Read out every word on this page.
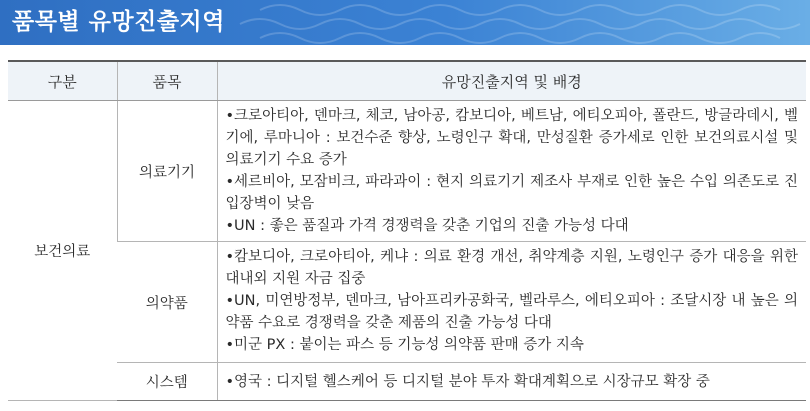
품목별 유망진출지역
구분	품목	유망진출지역 및 배경
보건의료	의료기기	•크로아티아, 덴마크, 체코, 남아공, 캄보디아, 베트남, 에티오피아, 폴란드, 방글라데시, 벨기에, 루마니아 : 보건수준 향상, 노령인구 확대, 만성질환 증가세로 인한 보건의료시설 및 의료기기 수요 증가
•세르비아, 모잠비크, 파라과이 : 현지 의료기기 제조사 부재로 인한 높은 수입 의존도로 진입장벽이 낮음
•UN : 좋은 품질과 가격 경쟁력을 갖춘 기업의 진출 가능성 다대

	의약품	•캄보디아, 크로아티아, 케냐 : 의료 환경 개선, 취약계층 지원, 노령인구 증가 대응을 위한 대내외 지원 자금 집중
•UN, 미연방정부, 덴마크, 남아프리카공화국, 벨라루스, 에티오피아 : 조달시장 내 높은 의약품 수요로 경쟁력을 갖춘 제품의 진출 가능성 다대
•미군 PX : 붙이는 파스 등 기능성 의약품 판매 증가 지속

	시스템	•영국 : 디지털 헬스케어 등 디지털 분야 투자 확대계획으로 시장규모 확장 중
